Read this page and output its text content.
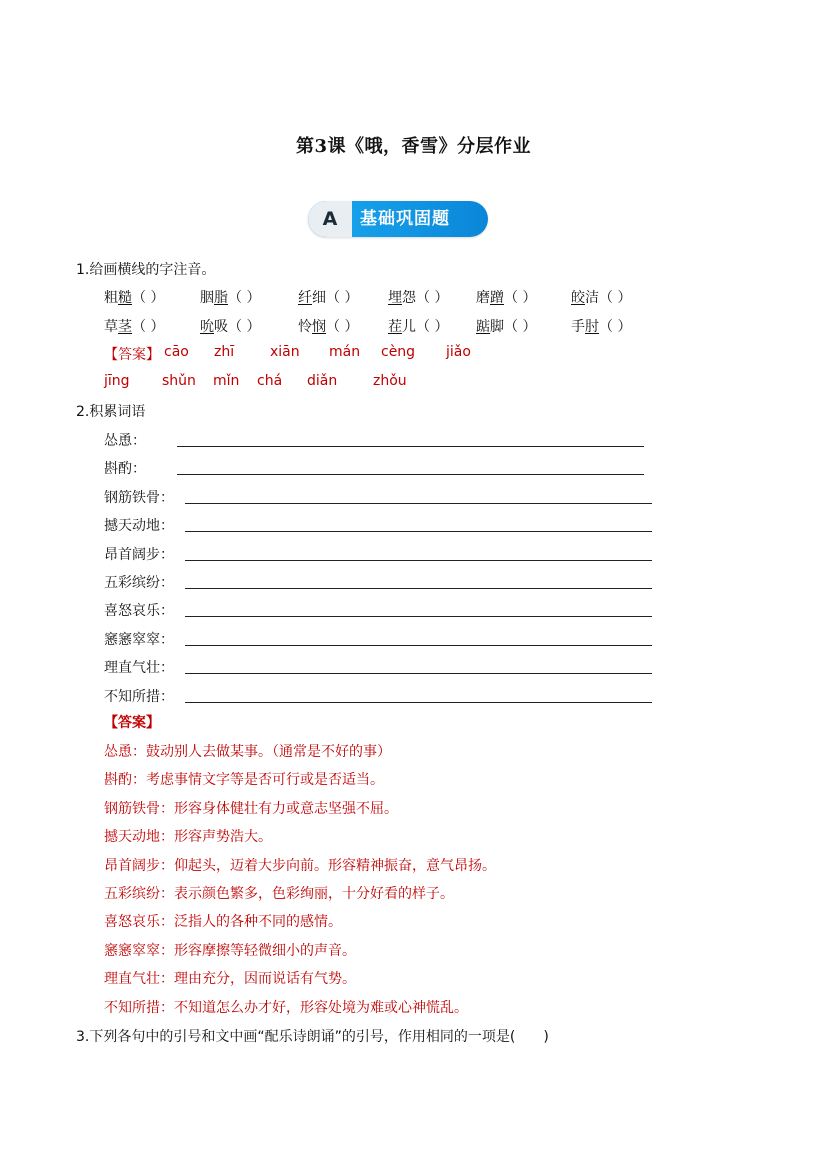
第3课《哦，香雪》分层作业
A	基础巩固题
1.给画横线的字注音。
粗糙（ ）	胭脂（ ）	纤细（ ） 埋怨（ ） 磨蹭（ ） 皎洁（ ）
草茎（ ）	吮吸（ ）	怜悯（ ） 茬儿（ ） 踮脚（ ） 手肘（ ）
【答案】 cāo zhī	xiān mán cèng jiǎo
jīng shǔn mǐn chá diǎn	zhǒu
2.积累词语
怂恿：
斟酌：
钢筋铁骨：
撼天动地：
昂首阔步：
五彩缤纷：
喜怒哀乐：
窸窸窣窣：
理直气壮：
不知所措：
【答案】
怂恿：鼓动别人去做某事。（通常是不好的事）
斟酌：考虑事情文字等是否可行或是否适当。
钢筋铁骨：形容身体健壮有力或意志坚强不屈。
撼天动地：形容声势浩大。
昂首阔步：仰起头，迈着大步向前。形容精神振奋，意气昂扬。
五彩缤纷：表示颜色繁多，色彩绚丽，十分好看的样子。
喜怒哀乐：泛指人的各种不同的感情。
窸窸窣窣：形容摩擦等轻微细小的声音。
理直气壮：理由充分，因而说话有气势。
不知所措：不知道怎么办才好，形容处境为难或心神慌乱。
3.下列各句中的引号和文中画“配乐诗朗诵”的引号，作用相同的一项是(　　)
